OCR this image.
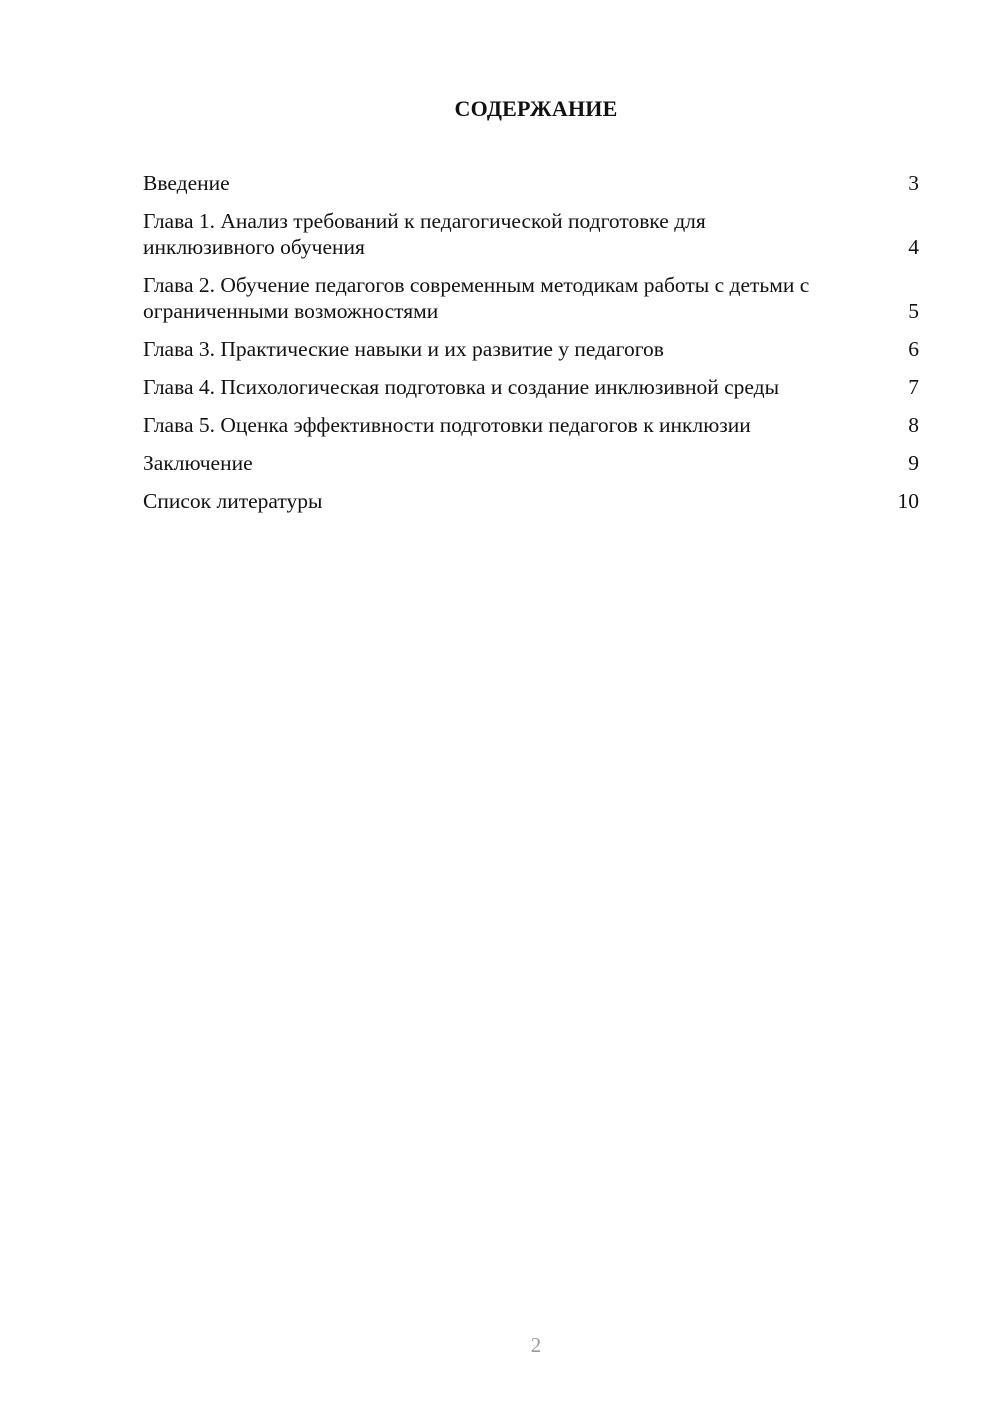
СОДЕРЖАНИЕ
Введение	3
Глава 1. Анализ требований к педагогической подготовке для инклюзивного обучения	4
Глава 2. Обучение педагогов современным методикам работы с детьми с ограниченными возможностями	5
Глава 3. Практические навыки и их развитие у педагогов	6
Глава 4. Психологическая подготовка и создание инклюзивной среды	7
Глава 5. Оценка эффективности подготовки педагогов к инклюзии	8
Заключение	9
Список литературы	10
2
